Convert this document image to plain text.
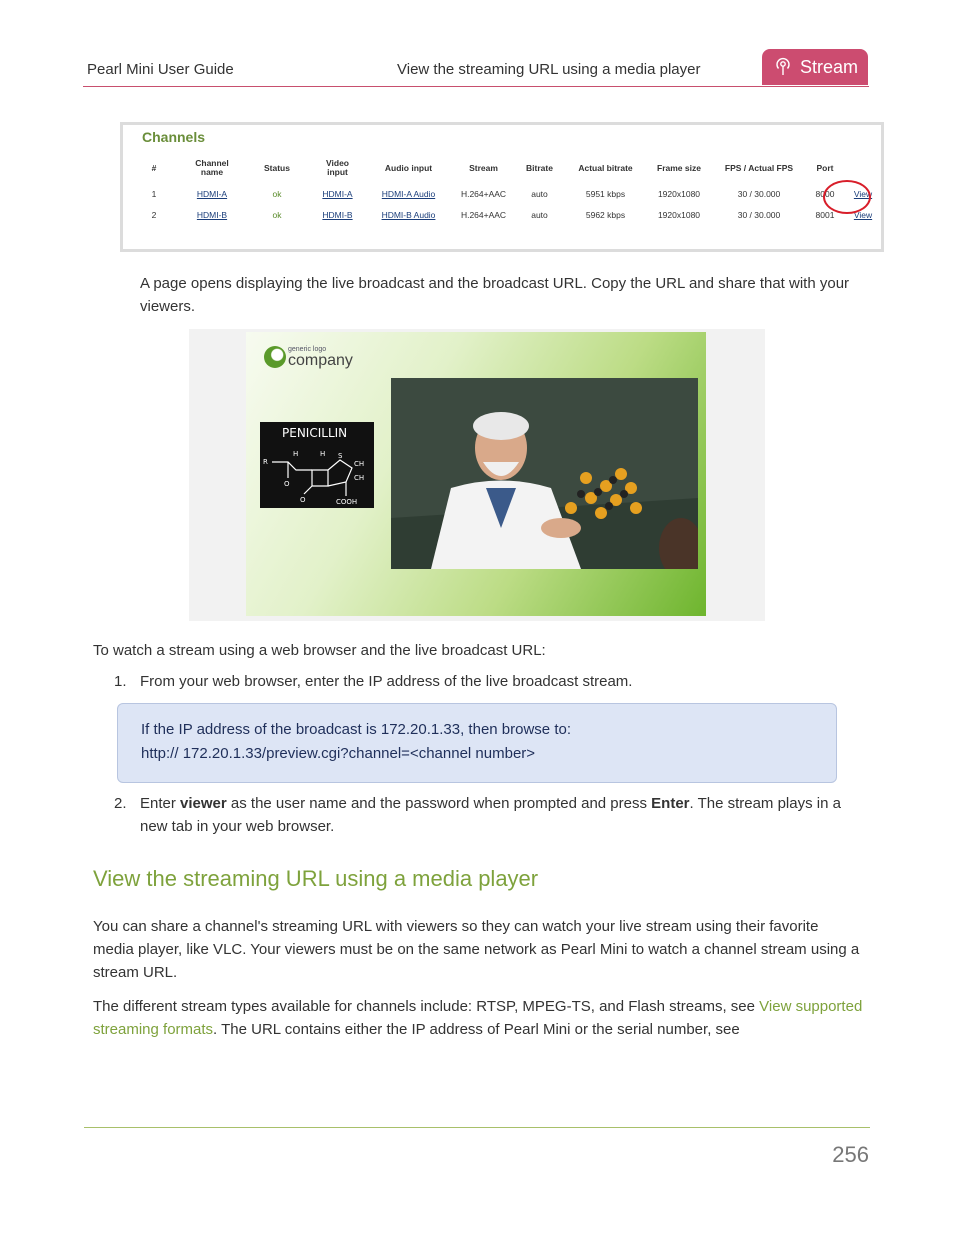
Pearl Mini User Guide	View the streaming URL using a media player	Stream
Channels
#	Channel name	Status	Video input	Audio input	Stream	Bitrate	Actual bitrate	Frame size	FPS / Actual FPS	Port	
1	HDMI-A	ok	HDMI-A	HDMI-A Audio	H.264+AAC	auto	5951 kbps	1920x1080	30 / 30.000	8000	View
2	HDMI-B	ok	HDMI-B	HDMI-B Audio	H.264+AAC	auto	5962 kbps	1920x1080	30 / 30.000	8001	View
A page opens displaying the live broadcast and the broadcast URL. Copy the URL and share that with your viewers.
generic logo
company
PENICILLIN
R
H	H S
CH
CH
O
O	COOH
To watch a stream using a web browser and the live broadcast URL:
1. From your web browser, enter the IP address of the live broadcast stream.
If the IP address of the broadcast is 172.20.1.33, then browse to:
http:// 172.20.1.33/preview.cgi?channel=<channel number>
2. Enter viewer as the user name and the password when prompted and press Enter. The stream plays in a new tab in your web browser.
View the streaming URL using a media player
You can share a channel's streaming URL with viewers so they can watch your live stream using their favorite media player, like VLC. Your viewers must be on the same network as Pearl Mini to watch a channel stream using a stream URL.
The different stream types available for channels include: RTSP, MPEG-TS, and Flash streams, see View supported streaming formats. The URL contains either the IP address of Pearl Mini or the serial number, see
256
